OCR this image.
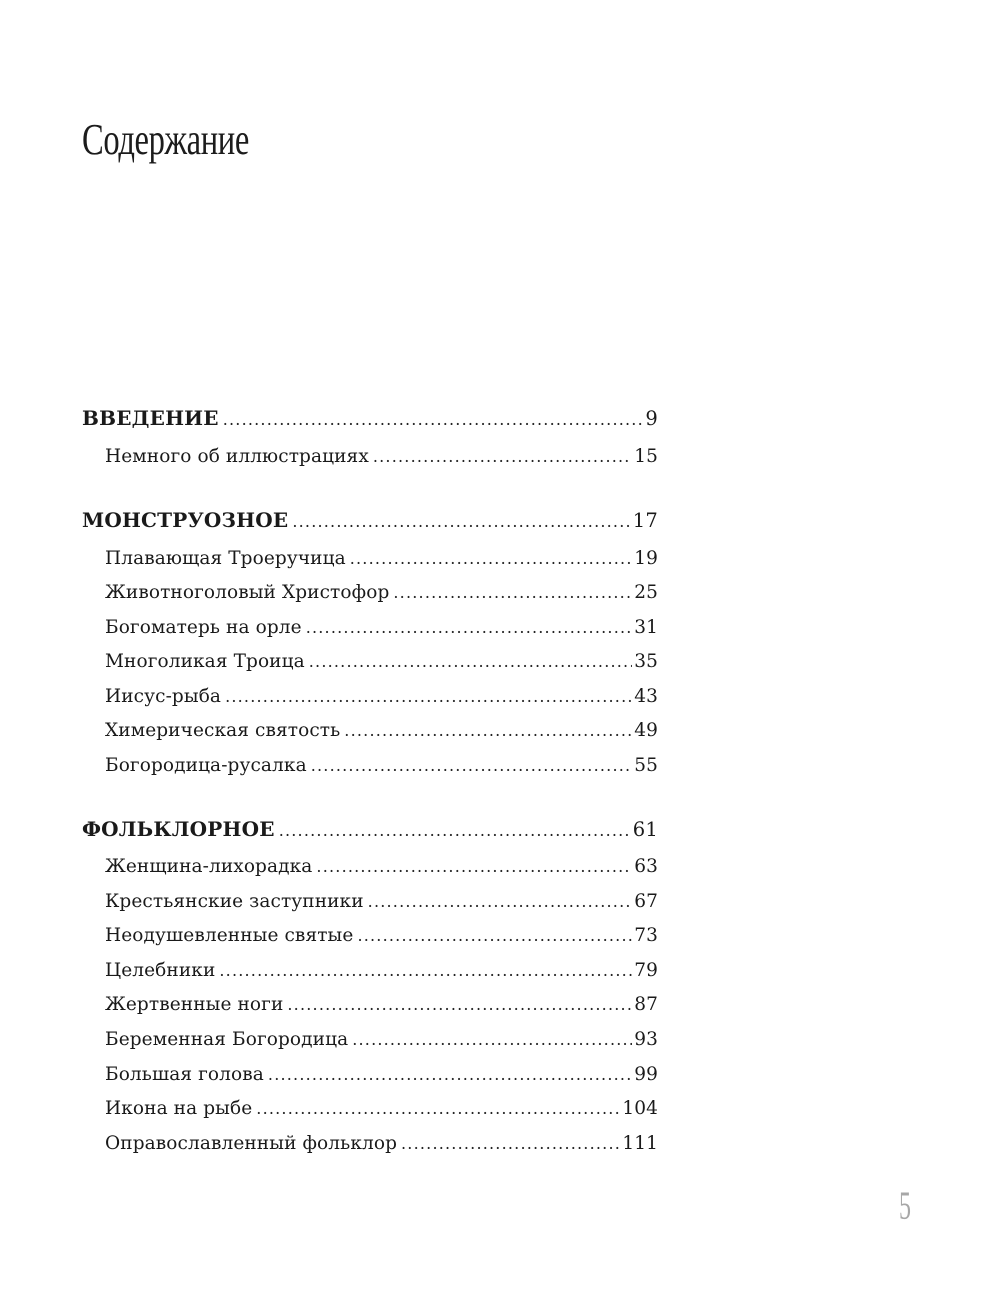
Содержание
ВВЕДЕНИЕ .....	9
Немного об иллюстрациях .....	15
МОНСТРУОЗНОЕ .....	17
Плавающая Троеручица .....	19
Животноголовый Христофор .....	25
Богоматерь на орле .....	31
Многоликая Троица .....	35
Иисус-рыба .....	43
Химерическая святость .....	49
Богородица-русалка .....	55
ФОЛЬКЛОРНОЕ .....	61
Женщина-лихорадка .....	63
Крестьянские заступники .....	67
Неодушевленные святые .....	73
Целебники .....	79
Жертвенные ноги .....	87
Беременная Богородица .....	93
Большая голова .....	99
Икона на рыбе .....	104
Оправославленный фольклор .....	111
5
